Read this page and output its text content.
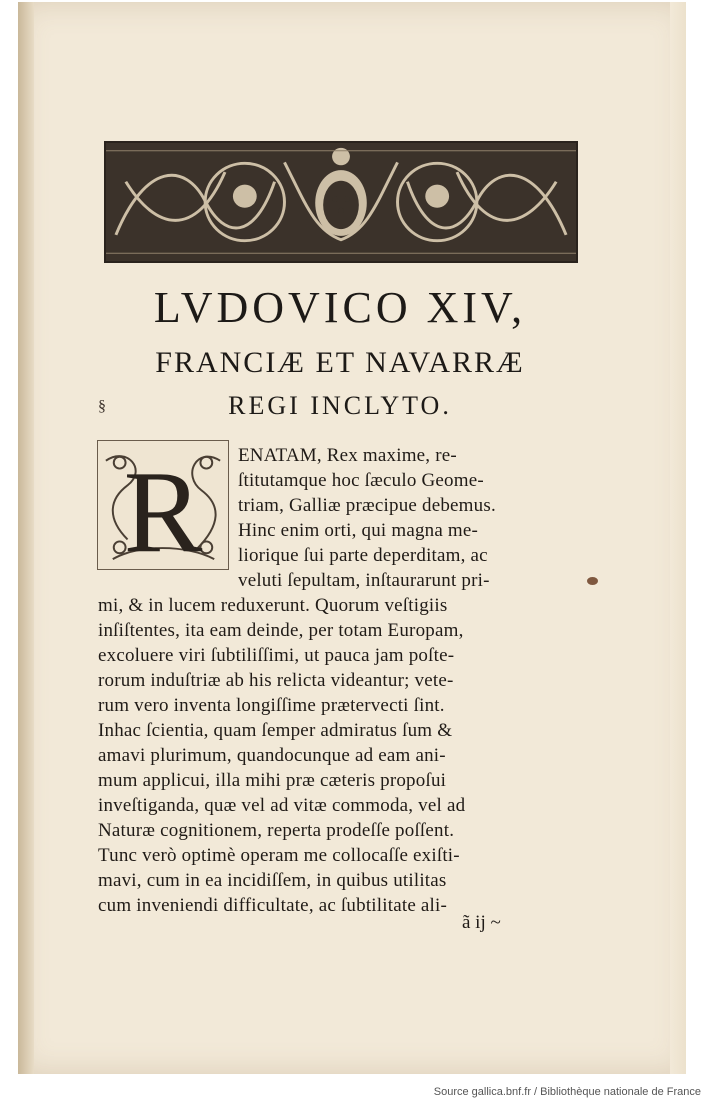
LVDOVICO XIV,
FRANCIÆ ET NAVARRÆ
REGI INCLYTO.
§
R ENATAM, Rex maxime, re-
ſtitutamque hoc ſæculo Geome-
triam, Galliæ præcipue debemus.
Hinc enim orti, qui magna me-
liorique ſui parte deperditam, ac
veluti ſepultam, inſtaurarunt pri-
mi, & in lucem reduxerunt. Quorum veſtigiis
inſiſtentes, ita eam deinde, per totam Europam,
excoluere viri ſubtiliſſimi, ut pauca jam poſte-
rorum induſtriæ ab his relicta videantur; vete-
rum vero inventa longiſſime prætervecti ſint.
Inhac ſcientia, quam ſemper admiratus ſum &
amavi plurimum, quandocunque ad eam ani-
mum applicui, illa mihi præ cæteris propoſui
inveſtiganda, quæ vel ad vitæ commoda, vel ad
Naturæ cognitionem, reperta prodeſſe poſſent.
Tunc verò optimè operam me collocaſſe exiſti-
mavi, cum in ea incidiſſem, in quibus utilitas
cum inveniendi difficultate, ac ſubtilitate ali-
ã ij ~
Source gallica.bnf.fr / Bibliothèque nationale de France
